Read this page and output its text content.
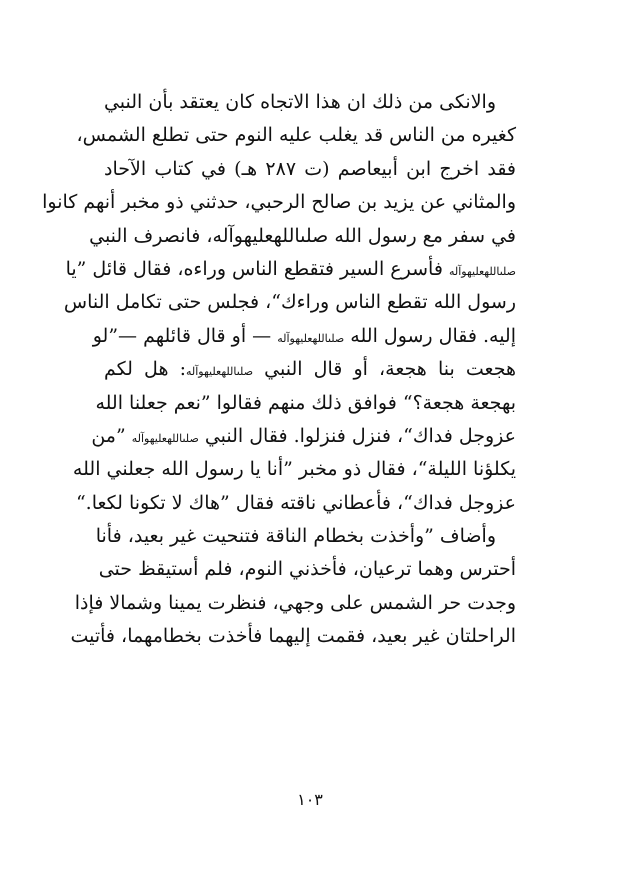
والانكى من ذلك ان هذا الاتجاه كان يعتقد بأن النبي
كغيره من الناس قد يغلب عليه النوم حتى تطلع الشمس،
فقد اخرج ابن أبيعاصم (ت ٢٨٧ هـ) في كتاب الآحاد
والمثاني عن يزيد بن صالح الرحبي، حدثني ذو مخبر أنهم كانوا
في سفر مع رسول الله صلىاللهعليهوآله، فانصرف النبي
صلىاللهعليهوآله فأسرع السير فتقطع الناس وراءه، فقال قائل ”يا
رسول الله تقطع الناس وراءك“، فجلس حتى تكامل الناس
إليه. فقال رسول الله صلىاللهعليهوآله — أو قال قائلهم —”لو
هجعت بنا هجعة، أو قال النبي صلىاللهعليهوآله: هل لكم
بهجعة هجعة؟“ فوافق ذلك منهم فقالوا ”نعم جعلنا الله
عزوجل فداك“، فنزل فنزلوا. فقال النبي صلىاللهعليهوآله ”من
يكلؤنا الليلة“، فقال ذو مخبر ”أنا يا رسول الله جعلني الله
عزوجل فداك“، فأعطاني ناقته فقال ”هاك لا تكونا لكعا.“
وأضاف ”وأخذت بخطام الناقة فتنحيت غير بعيد، فأنا
أحترس وهما ترعيان، فأخذني النوم، فلم أستيقظ حتى
وجدت حر الشمس على وجهي، فنظرت يمينا وشمالا فإذا
الراحلتان غير بعيد، فقمت إليهما فأخذت بخطامهما، فأتيت
١٠٣
